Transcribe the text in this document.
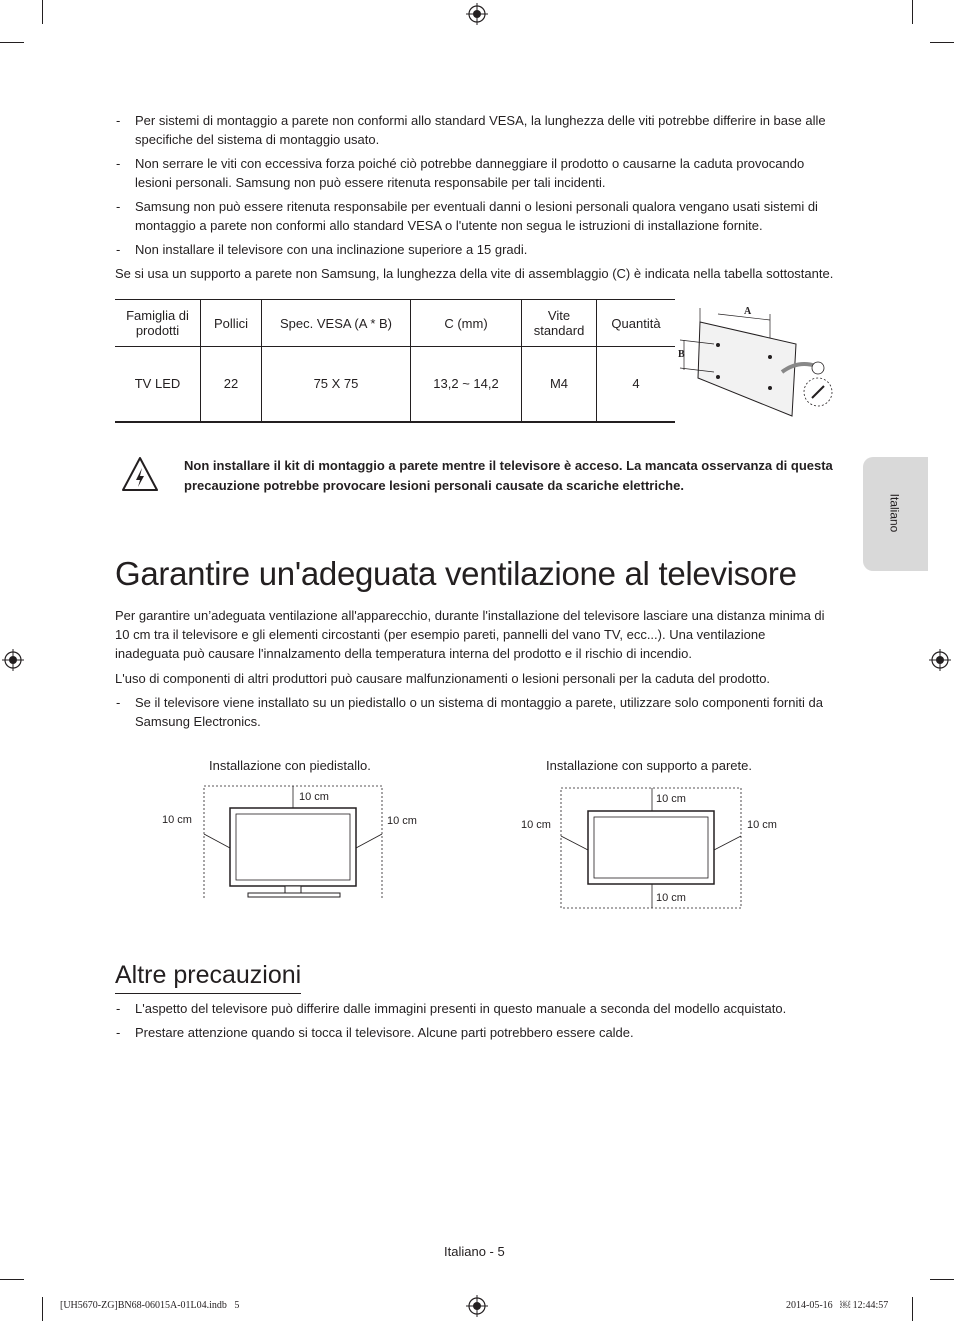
- Per sistemi di montaggio a parete non conformi allo standard VESA, la lunghezza delle viti potrebbe differire in base alle specifiche del sistema di montaggio usato.
- Non serrare le viti con eccessiva forza poiché ciò potrebbe danneggiare il prodotto o causarne la caduta provocando lesioni personali. Samsung non può essere ritenuta responsabile per tali incidenti.
- Samsung non può essere ritenuta responsabile per eventuali danni o lesioni personali qualora vengano usati sistemi di montaggio a parete non conformi allo standard VESA o l'utente non segua le istruzioni di installazione fornite.
- Non installare il televisore con una inclinazione superiore a 15 gradi.
Se si usa un supporto a parete non Samsung, la lunghezza della vite di assemblaggio (C) è indicata nella tabella sottostante.
Famiglia di prodotti	Pollici	Spec. VESA (A * B)	C (mm)	Vite standard	Quantità
TV LED	22	75 X 75	13,2 ~ 14,2	M4	4
A
B
Non installare il kit di montaggio a parete mentre il televisore è acceso. La mancata osservanza di questa precauzione potrebbe provocare lesioni personali causate da scariche elettriche.
Italiano
Garantire un'adeguata ventilazione al televisore
Per garantire un’adeguata ventilazione all'apparecchio, durante l'installazione del televisore lasciare una distanza minima di 10 cm tra il televisore e gli elementi circostanti (per esempio pareti, pannelli del vano TV, ecc...). Una ventilazione inadeguata può causare l'innalzamento della temperatura interna del prodotto e il rischio di incendio.
L'uso di componenti di altri produttori può causare malfunzionamenti o lesioni personali per la caduta del prodotto.
- Se il televisore viene installato su un piedistallo o un sistema di montaggio a parete, utilizzare solo componenti forniti da Samsung Electronics.
Installazione con piedistallo.	Installazione con supporto a parete.
10 cm
10 cm	10 cm
10 cm
10 cm
10 cm	10 cm
Altre precauzioni
- L'aspetto del televisore può differire dalle immagini presenti in questo manuale a seconda del modello acquistato.
- Prestare attenzione quando si tocca il televisore. Alcune parti potrebbero essere calde.
Italiano - 5
[UH5670-ZG]BN68-06015A-01L04.indb   5	2014-05-16   ￼ 12:44:57
